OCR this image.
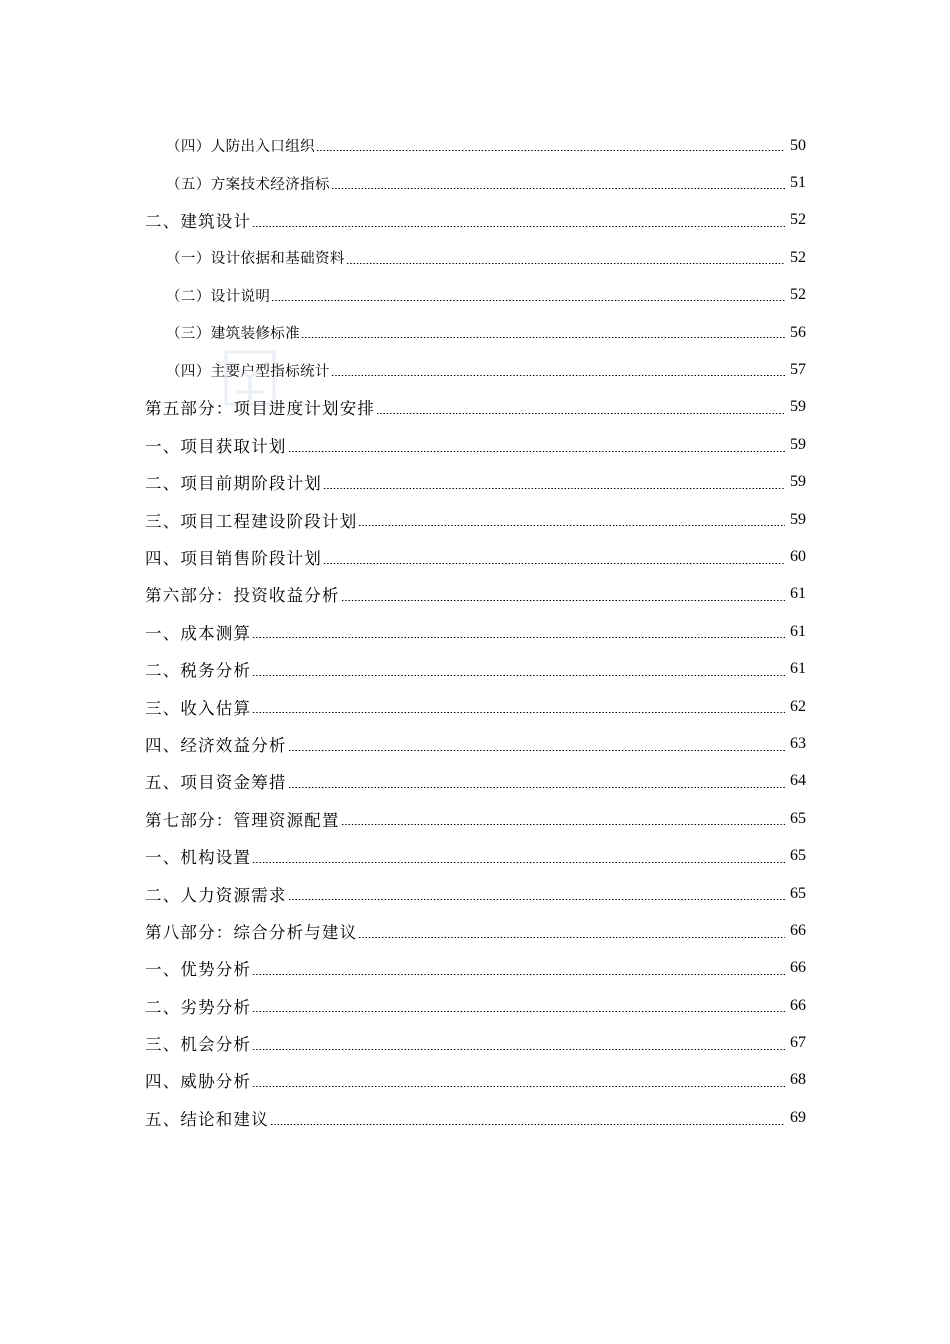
（四）人防出入口组织	50
（五）方案技术经济指标	51
二、建筑设计	52
（一）设计依据和基础资料	52
（二）设计说明	52
（三）建筑装修标准	56
（四）主要户型指标统计	57
第五部分：项目进度计划安排	59
一、项目获取计划	59
二、项目前期阶段计划	59
三、项目工程建设阶段计划	59
四、项目销售阶段计划	60
第六部分：投资收益分析	61
一、成本测算	61
二、税务分析	61
三、收入估算	62
四、经济效益分析	63
五、项目资金筹措	64
第七部分：管理资源配置	65
一、机构设置	65
二、人力资源需求	65
第八部分：综合分析与建议	66
一、优势分析	66
二、劣势分析	66
三、机会分析	67
四、威胁分析	68
五、结论和建议	69
